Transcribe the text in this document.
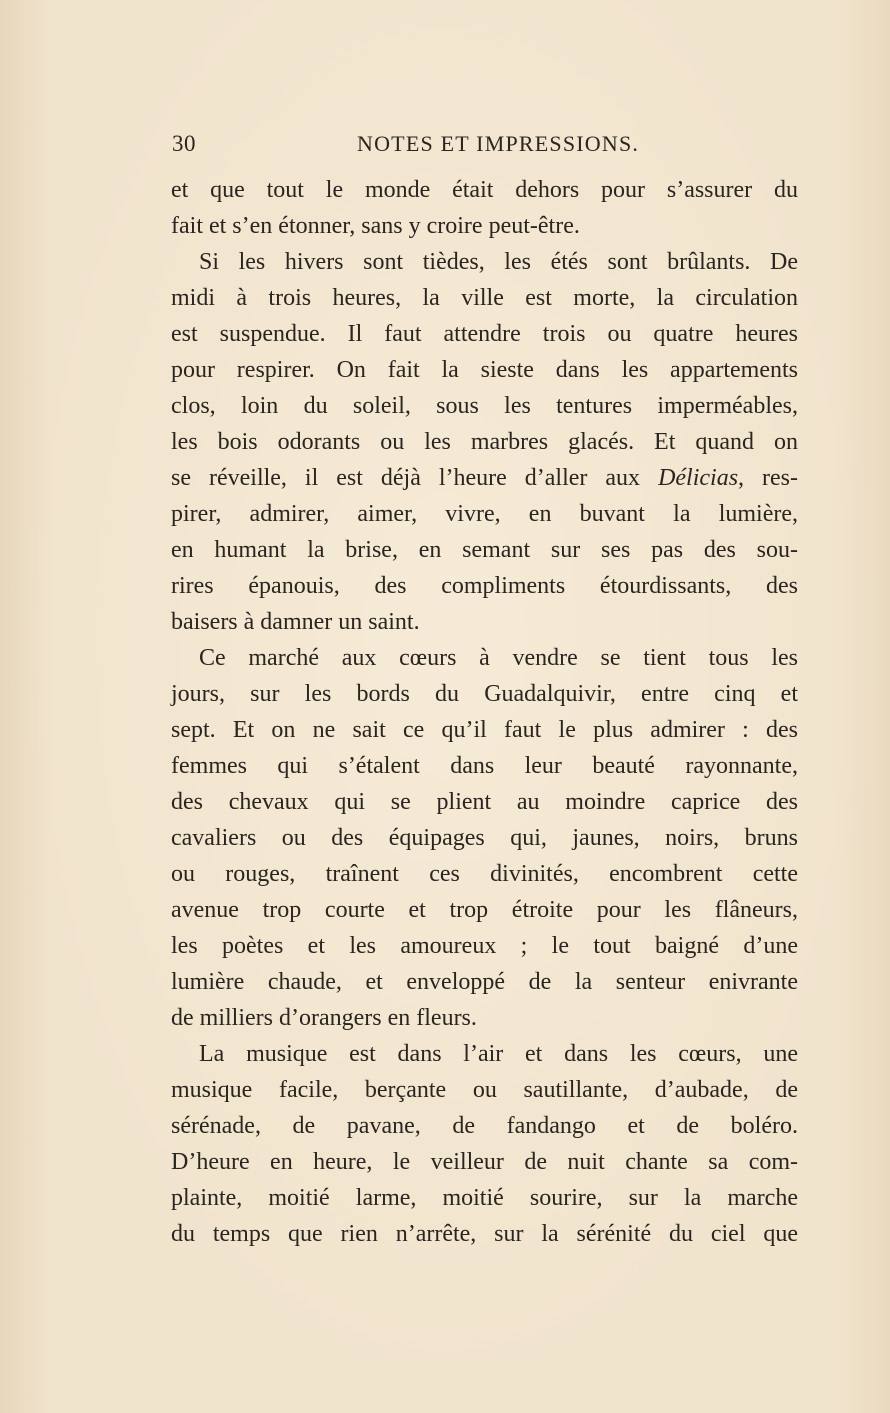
30	NOTES ET IMPRESSIONS.
et que tout le monde était dehors pour s’assurer du
fait et s’en étonner, sans y croire peut-être.
Si les hivers sont tièdes, les étés sont brûlants. De
midi à trois heures, la ville est morte, la circulation
est suspendue. Il faut attendre trois ou quatre heures
pour respirer. On fait la sieste dans les appartements
clos, loin du soleil, sous les tentures imperméables,
les bois odorants ou les marbres glacés. Et quand on
se réveille, il est déjà l’heure d’aller aux Délicias, res-
pirer, admirer, aimer, vivre, en buvant la lumière,
en humant la brise, en semant sur ses pas des sou-
rires épanouis, des compliments étourdissants, des
baisers à damner un saint.
Ce marché aux cœurs à vendre se tient tous les
jours, sur les bords du Guadalquivir, entre cinq et
sept. Et on ne sait ce qu’il faut le plus admirer : des
femmes qui s’étalent dans leur beauté rayonnante,
des chevaux qui se plient au moindre caprice des
cavaliers ou des équipages qui, jaunes, noirs, bruns
ou rouges, traînent ces divinités, encombrent cette
avenue trop courte et trop étroite pour les flâneurs,
les poètes et les amoureux ; le tout baigné d’une
lumière chaude, et enveloppé de la senteur enivrante
de milliers d’orangers en fleurs.
La musique est dans l’air et dans les cœurs, une
musique facile, berçante ou sautillante, d’aubade, de
sérénade, de pavane, de fandango et de boléro.
D’heure en heure, le veilleur de nuit chante sa com-
plainte, moitié larme, moitié sourire, sur la marche
du temps que rien n’arrête, sur la sérénité du ciel que
